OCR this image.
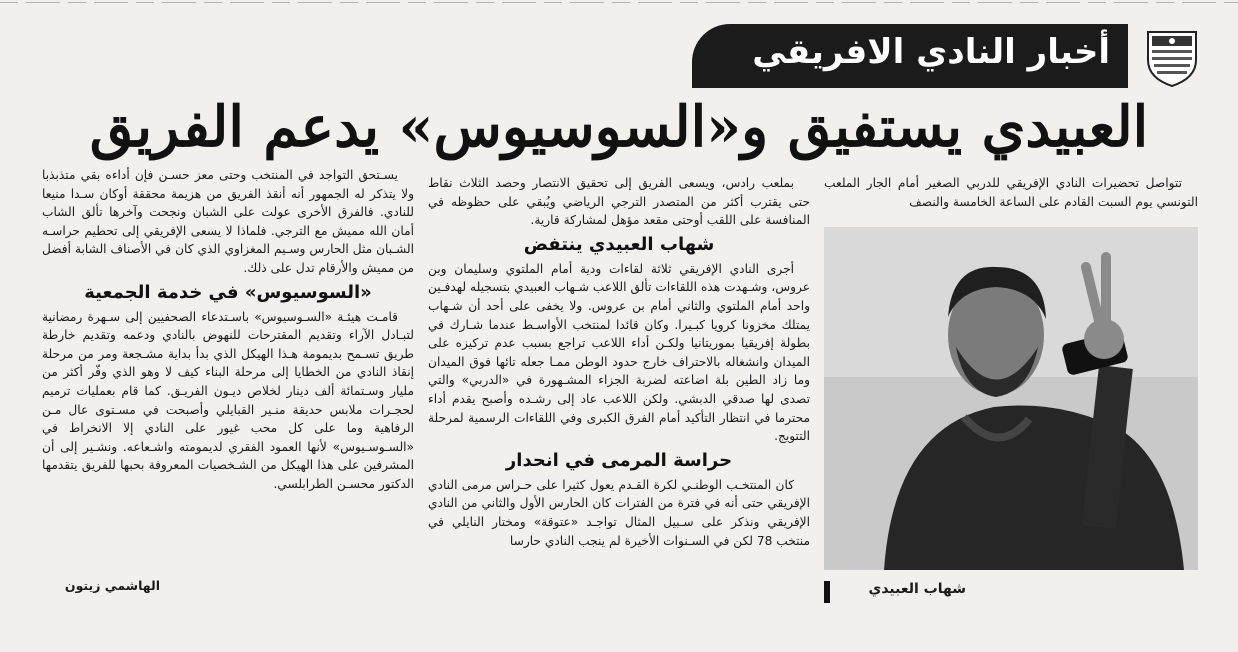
أخبار النادي الافريقي
العبيدي يستفيق و«السوسيوس» يدعم الفريق

تتواصل تحضيرات النادي الإفريقي للدربي الصغير أمام الجار الملعب التونسي يوم السبت القادم على الساعة الخامسة والنصف

شهاب العبيدي

بملعب رادس، ويسعى الفريق إلى تحقيق الانتصار وحصد الثلاث نقاط حتى يقترب أكثر من المتصدر الترجي الرياضي ويُبقي على حظوظه في المنافسة على اللقب أوحتى مقعد مؤهل لمشاركة قارية.

شهاب العبيدي ينتفض

أجرى النادي الإفريقي ثلاثة لقاءات ودية أمام الملتوي وسليمان وبن عروس، وشـهدت هذه اللقاءات تألق اللاعب شـهاب العبيدي بتسجيله لهدفـين واحد أمام الملتوي والثاني أمام بن عروس. ولا يخفى على أحد أن شـهاب يمتلك مخزونا كرويا كبـيرا. وكان قائدا لمنتخب الأواسـط عندما شـارك في بطولة إفريقيا بموريتانيا ولكـن أداء اللاعب تراجع بسبب عدم تركيزه على الميدان وانشغاله بالاحتراف خارج حدود الوطن ممـا جعله تائها فوق الميدان وما زاد الطين بلة اضاعته لضربة الجزاء المشـهورة في «الدربي» والتي تصدى لها صدقي الدبشي. ولكن اللاعب عاد إلى رشـده وأصبح يقدم أداء محترما في انتظار التأكيد أمام الفرق الكبرى وفي اللقاءات الرسمية لمرحلة التتويج.

حراسة المرمى في انحدار

كان المنتخـب الوطنـي لكرة القـدم يعول كثيرا على حـراس مرمى النادي الإفريقي حتى أنه في فترة من الفترات كان الحارس الأول والثاني من النادي الإفريقي ونذكر على سـبيل المثال تواجـد «عتوقة» ومختار النايلي في منتخب 78 لكن في السـنوات الأخيرة لم ينجب النادي حارسا

يسـتحق التواجد في المنتخب وحتى معز حسـن فإن أداءه بقي متذبذبا ولا يتذكر له الجمهور أنه أنقذ الفريق من هزيمة محققة أوكان سـدا منيعا للنادي. فالفرق الأخرى عولت على الشبان ونجحت وآخرها تألق الشاب أمان الله مميش مع الترجي. فلماذا لا يسعى الإفريقي إلى تحطيم حراسـه الشـبان مثل الحارس وسـيم المغزاوي الذي كان في الأصناف الشابة أفضل من مميش والأرقام تدل على ذلك.

«السوسيوس» في خدمة الجمعية

قامـت هيئـة «السـوسيوس» باسـتدعاء الصحفيين إلى سـهرة رمضانية لتبـادل الآراء وتقديم المقترحات للنهوض بالنادي ودعمه وتقديم خارطة طريق تسـمح بديمومة هـذا الهيكل الذي بدأ بداية مشـجعة ومر من مرحلة إنقاذ النادي من الخطايا إلى مرحلة البناء كيف لا وهو الذي وفّر أكثر من مليار وسـتمائة ألف دينار لخلاص ديـون الفريـق. كما قام بعمليات ترميم لحجـرات ملابس حديقة منـير القبايلي وأصبحت في مسـتوى عال مـن الرفاهية وما على كل محب غيور على النادي إلا الانخراط في «السـوسـيوس» لأنها العمود الفقري لديمومته واشـعاعه. ونشـير إلى أن المشرفين على هذا الهيكل من الشـخصيات المعروفة بحبها للفريق يتقدمها الدكتور محسـن الطرابلسي.

الهاشمي زيتون
